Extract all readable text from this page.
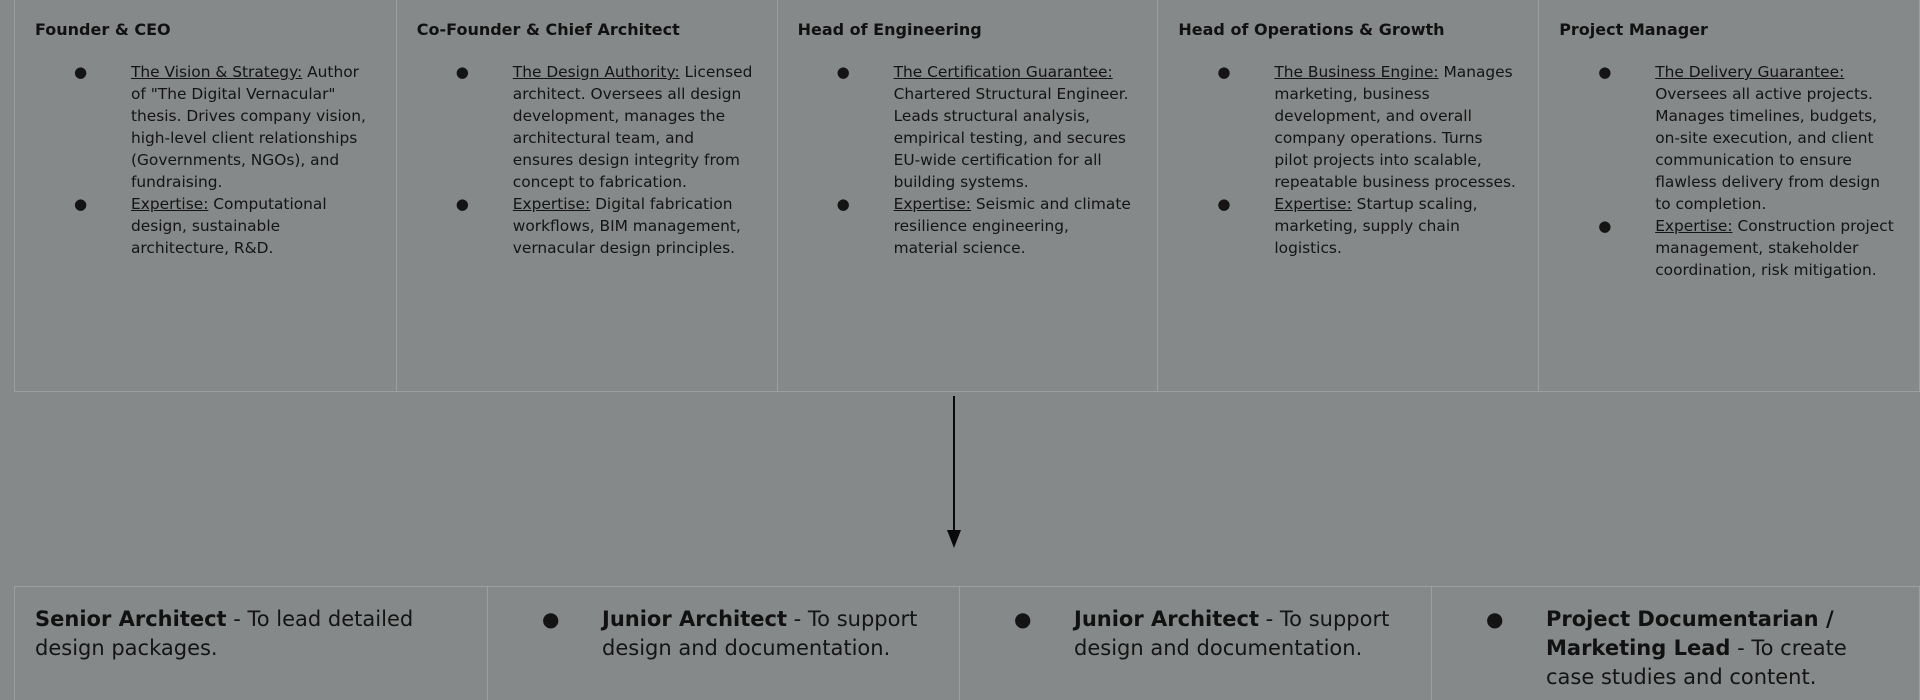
Founder & CEO
●	The Vision & Strategy: Author of "The Digital Vernacular" thesis. Drives company vision, high-level client relationships (Governments, NGOs), and fundraising.
●	Expertise: Computational design, sustainable architecture, R&D.
Co-Founder & Chief Architect
●	The Design Authority: Licensed architect. Oversees all design development, manages the architectural team, and ensures design integrity from concept to fabrication.
●	Expertise: Digital fabrication workflows, BIM management, vernacular design principles.
Head of Engineering
●	The Certification Guarantee: Chartered Structural Engineer. Leads structural analysis, empirical testing, and secures EU-wide certification for all building systems.
●	Expertise: Seismic and climate resilience engineering, material science.
Head of Operations & Growth
●	The Business Engine: Manages marketing, business development, and overall company operations. Turns pilot projects into scalable, repeatable business processes.
●	Expertise: Startup scaling, marketing, supply chain logistics.
Project Manager
●	The Delivery Guarantee: Oversees all active projects. Manages timelines, budgets, on-site execution, and client communication to ensure flawless delivery from design to completion.
●	Expertise: Construction project management, stakeholder coordination, risk mitigation.
Senior Architect - To lead detailed design packages.
● Junior Architect - To support design and documentation.
● Junior Architect - To support design and documentation.
● Project Documentarian / Marketing Lead - To create case studies and content.
